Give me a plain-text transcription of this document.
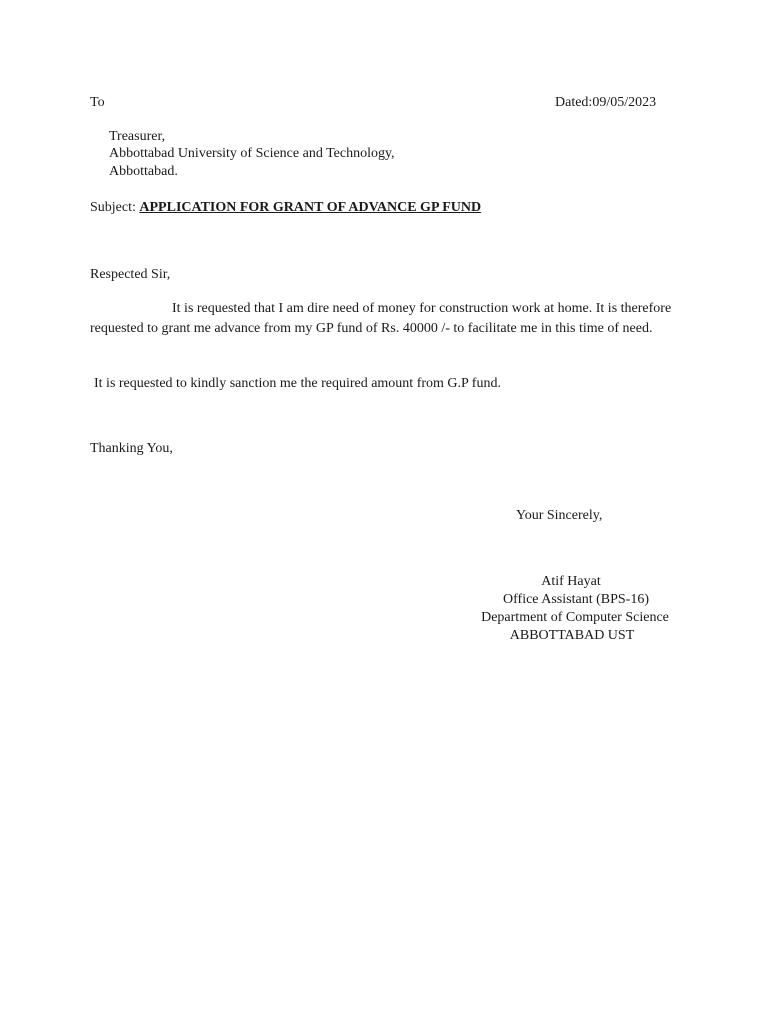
To	Dated:09/05/2023
Treasurer,
Abbottabad University of Science and Technology,
Abbottabad.
Subject: APPLICATION FOR GRANT OF ADVANCE GP FUND
Respected Sir,
It is requested that I am dire need of money for construction work at home. It is therefore requested to grant me advance from my GP fund of Rs. 40000 /- to facilitate me in this time of need.
It is requested to kindly sanction me the required amount from G.P fund.
Thanking You,
Your Sincerely,
Atif Hayat
Office Assistant (BPS-16)
Department of Computer Science
ABBOTTABAD UST
